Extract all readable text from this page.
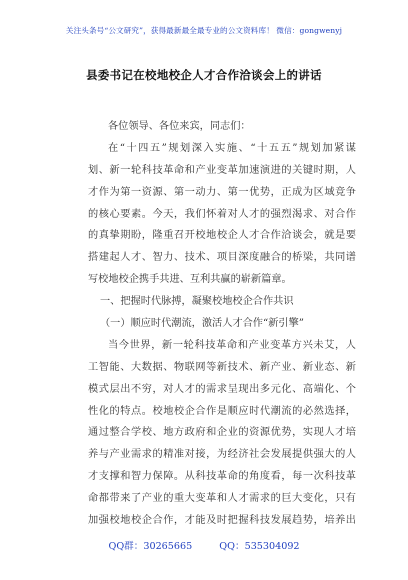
关注头条号“公文研究”，获得最新最全最专业的公文资料库！ 微信：gongwenyj
县委书记在校地校企人才合作洽谈会上的讲话
各位领导、各位来宾，同志们：
在“十四五”规划深入实施、“十五五”规划加紧谋
划、新一轮科技革命和产业变革加速演进的关键时期，人
才作为第一资源、第一动力、第一优势，正成为区域竞争
的核心要素。今天，我们怀着对人才的强烈渴求、对合作
的真挚期盼，隆重召开校地校企人才合作洽谈会，就是要
搭建起人才、智力、技术、项目深度融合的桥梁，共同谱
写校地校企携手共进、互利共赢的崭新篇章。
一、把握时代脉搏，凝聚校地校企合作共识
（一）顺应时代潮流，激活人才合作“新引擎”
当今世界，新一轮科技革命和产业变革方兴未艾，人
工智能、大数据、物联网等新技术、新产业、新业态、新
模式层出不穷，对人才的需求呈现出多元化、高端化、个
性化的特点。校地校企合作是顺应时代潮流的必然选择，
通过整合学校、地方政府和企业的资源优势，实现人才培
养与产业需求的精准对接，为经济社会发展提供强大的人
才支撑和智力保障。从科技革命的角度看，每一次科技革
命都带来了产业的重大变革和人才需求的巨大变化，只有
加强校地校企合作，才能及时把握科技发展趋势，培养出
QQ群：30265665	QQ：535304092
